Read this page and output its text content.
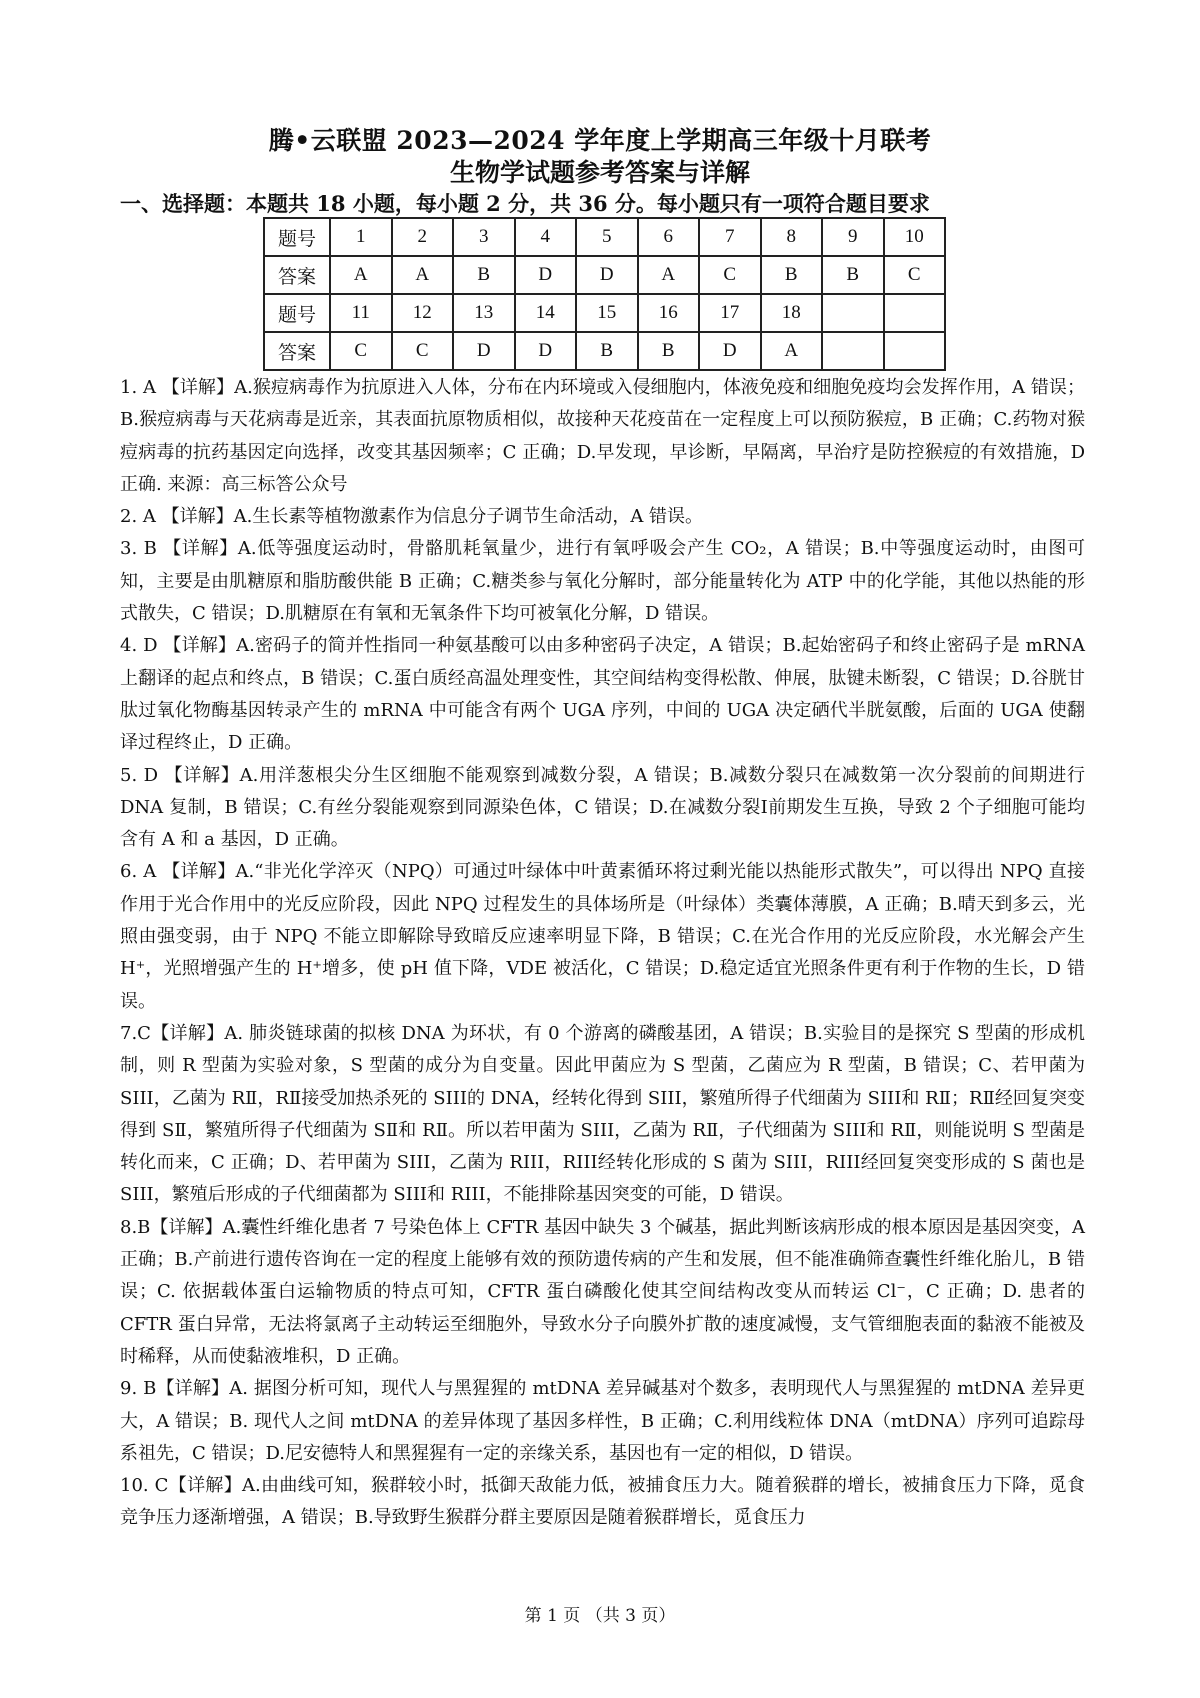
腾•云联盟 2023—2024 学年度上学期高三年级十月联考
生物学试题参考答案与详解
一、选择题：本题共 18 小题，每小题 2 分，共 36 分。每小题只有一项符合题目要求
题号	1	2	3	4	5	6	7	8	9	10
答案	A	A	B	D	D	A	C	B	B	C
题号	11	12	13	14	15	16	17	18		
答案	C	C	D	D	B	B	D	A		

1. A 【详解】A.猴痘病毒作为抗原进入人体，分布在内环境或入侵细胞内，体液免疫和细胞免疫均会发挥作用，A 错误；B.猴痘病毒与天花病毒是近亲，其表面抗原物质相似，故接种天花疫苗在一定程度上可以预防猴痘，B 正确；C.药物对猴痘病毒的抗药基因定向选择，改变其基因频率；C 正确；D.早发现，早诊断，早隔离，早治疗是防控猴痘的有效措施，D 正确. 来源：高三标答公众号

2. A 【详解】A.生长素等植物激素作为信息分子调节生命活动，A 错误。

3. B 【详解】A.低等强度运动时，骨骼肌耗氧量少，进行有氧呼吸会产生 CO₂，A 错误；B.中等强度运动时，由图可知，主要是由肌糖原和脂肪酸供能 B 正确；C.糖类参与氧化分解时，部分能量转化为 ATP 中的化学能，其他以热能的形式散失，C 错误；D.肌糖原在有氧和无氧条件下均可被氧化分解，D 错误。

4. D 【详解】A.密码子的简并性指同一种氨基酸可以由多种密码子决定，A 错误；B.起始密码子和终止密码子是 mRNA 上翻译的起点和终点，B 错误；C.蛋白质经高温处理变性，其空间结构变得松散、伸展，肽键未断裂，C 错误；D.谷胱甘肽过氧化物酶基因转录产生的 mRNA 中可能含有两个 UGA 序列，中间的 UGA 决定硒代半胱氨酸，后面的 UGA 使翻译过程终止，D 正确。

5. D 【详解】A.用洋葱根尖分生区细胞不能观察到减数分裂，A 错误；B.减数分裂只在减数第一次分裂前的间期进行 DNA 复制，B 错误；C.有丝分裂能观察到同源染色体，C 错误；D.在减数分裂Ⅰ前期发生互换，导致 2 个子细胞可能均含有 A 和 a 基因，D 正确。

6. A 【详解】A.“非光化学淬灭（NPQ）可通过叶绿体中叶黄素循环将过剩光能以热能形式散失”，可以得出 NPQ 直接作用于光合作用中的光反应阶段，因此 NPQ 过程发生的具体场所是（叶绿体）类囊体薄膜，A 正确；B.晴天到多云，光照由强变弱，由于 NPQ 不能立即解除导致暗反应速率明显下降，B 错误；C.在光合作用的光反应阶段，水光解会产生 H⁺，光照增强产生的 H⁺增多，使 pH 值下降，VDE 被活化，C 错误；D.稳定适宜光照条件更有利于作物的生长，D 错误。

7.C【详解】A. 肺炎链球菌的拟核 DNA 为环状，有 0 个游离的磷酸基团，A 错误；B.实验目的是探究 S 型菌的形成机制，则 R 型菌为实验对象，S 型菌的成分为自变量。因此甲菌应为 S 型菌，乙菌应为 R 型菌，B 错误；C、若甲菌为 SIII，乙菌为 RⅡ，RⅡ接受加热杀死的 SIII的 DNA，经转化得到 SIII，繁殖所得子代细菌为 SIII和 RⅡ；RⅡ经回复突变得到 SⅡ，繁殖所得子代细菌为 SⅡ和 RⅡ。所以若甲菌为 SIII，乙菌为 RⅡ，子代细菌为 SIII和 RⅡ，则能说明 S 型菌是转化而来，C 正确；D、若甲菌为 SIII，乙菌为 RIII，RIII经转化形成的 S 菌为 SIII，RIII经回复突变形成的 S 菌也是 SIII，繁殖后形成的子代细菌都为 SIII和 RIII，不能排除基因突变的可能，D 错误。

8.B【详解】A.囊性纤维化患者 7 号染色体上 CFTR 基因中缺失 3 个碱基，据此判断该病形成的根本原因是基因突变，A 正确；B.产前进行遗传咨询在一定的程度上能够有效的预防遗传病的产生和发展，但不能准确筛查囊性纤维化胎儿，B 错误；C. 依据载体蛋白运输物质的特点可知，CFTR 蛋白磷酸化使其空间结构改变从而转运 Cl⁻，C 正确；D. 患者的 CFTR 蛋白异常，无法将氯离子主动转运至细胞外，导致水分子向膜外扩散的速度减慢，支气管细胞表面的黏液不能被及时稀释，从而使黏液堆积，D 正确。

9. B【详解】A. 据图分析可知，现代人与黑猩猩的 mtDNA 差异碱基对个数多，表明现代人与黑猩猩的 mtDNA 差异更大，A 错误；B. 现代人之间 mtDNA 的差异体现了基因多样性，B 正确；C.利用线粒体 DNA（mtDNA）序列可追踪母系祖先，C 错误；D.尼安德特人和黑猩猩有一定的亲缘关系，基因也有一定的相似，D 错误。

10. C【详解】A.由曲线可知，猴群较小时，抵御天敌能力低，被捕食压力大。随着猴群的增长，被捕食压力下降，觅食竞争压力逐渐增强，A 错误；B.导致野生猴群分群主要原因是随着猴群增长，觅食压力

第 1 页 （共 3 页）
